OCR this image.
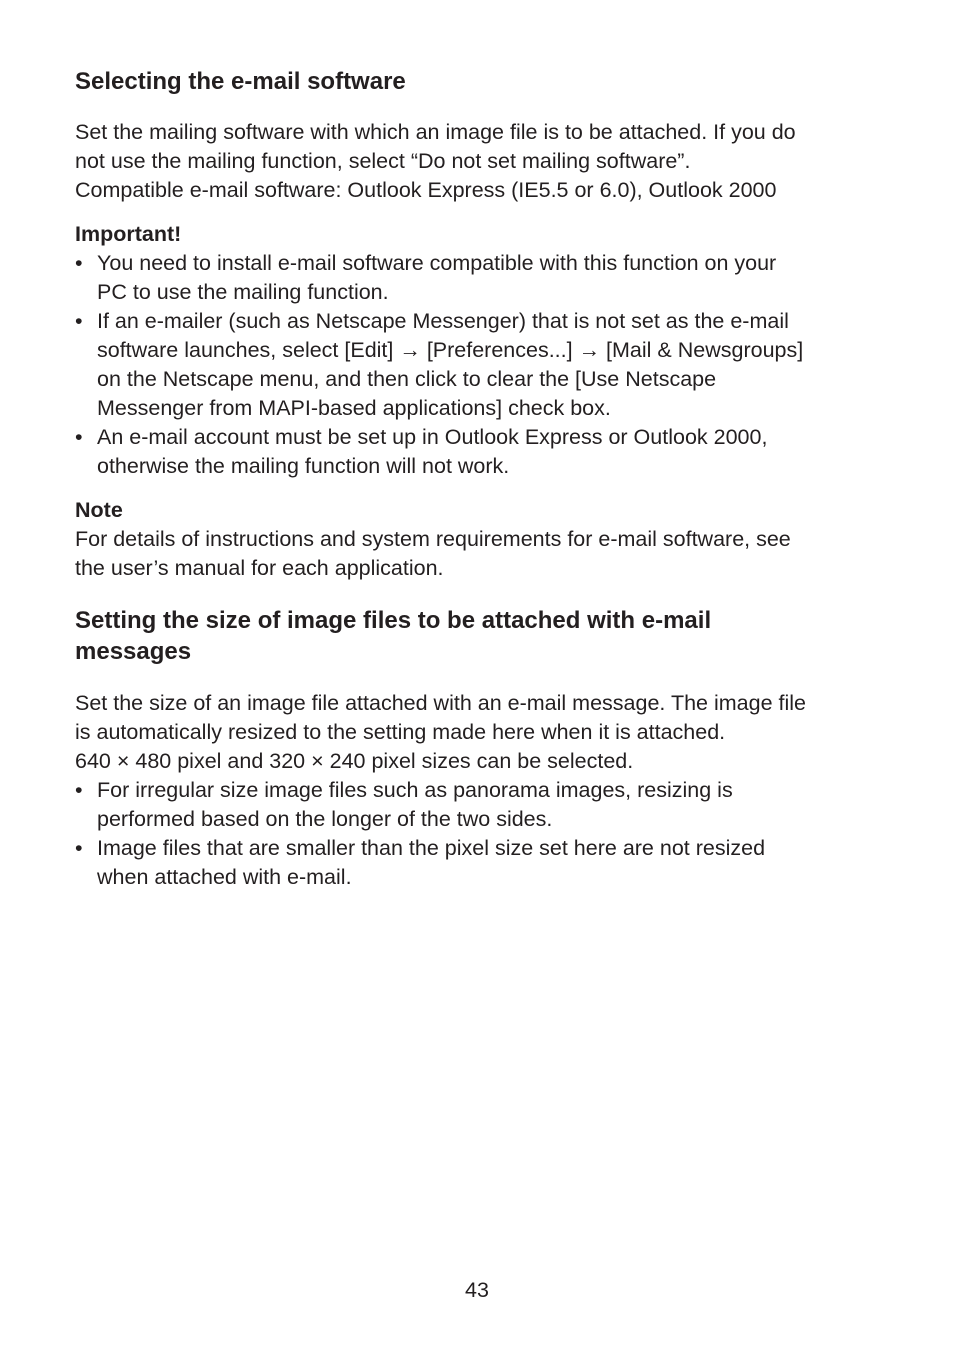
Selecting the e-mail software

Set the mailing software with which an image file is to be attached. If you do
not use the mailing function, select “Do not set mailing software”.
Compatible e-mail software: Outlook Express (IE5.5 or 6.0), Outlook 2000

Important!
• You need to install e-mail software compatible with this function on your
PC to use the mailing function.
• If an e-mailer (such as Netscape Messenger) that is not set as the e-mail
software launches, select [Edit] → [Preferences...] → [Mail & Newsgroups]
on the Netscape menu, and then click to clear the [Use Netscape
Messenger from MAPI-based applications] check box.
• An e-mail account must be set up in Outlook Express or Outlook 2000,
otherwise the mailing function will not work.
Note

For details of instructions and system requirements for e-mail software, see
the user’s manual for each application.

Setting the size of image files to be attached with e-mail
messages

Set the size of an image file attached with an e-mail message. The image file
is automatically resized to the setting made here when it is attached.
640 × 480 pixel and 320 × 240 pixel sizes can be selected.

• For irregular size image files such as panorama images, resizing is
performed based on the longer of the two sides.
• Image files that are smaller than the pixel size set here are not resized
when attached with e-mail.
43
